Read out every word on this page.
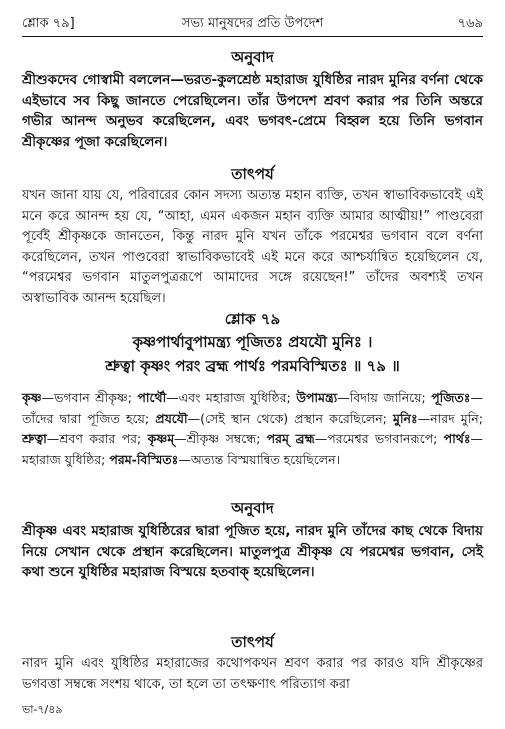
শ্লোক ৭৯]	সভ্য মানুষদের প্রতি উপদেশ	৭৬৯
অনুবাদ

শ্রীশুকদেব গোস্বামী বললেন—ভরত-কুলশ্রেষ্ঠ মহারাজ যুধিষ্ঠির নারদ মুনির বর্ণনা থেকে এইভাবে সব কিছু জানতে পেরেছিলেন। তাঁর উপদেশ শ্রবণ করার পর তিনি অন্তরে গভীর আনন্দ অনুভব করেছিলেন, এবং ভগবৎ-প্রেমে বিহ্বল হয়ে তিনি ভগবান শ্রীকৃষ্ণের পূজা করেছিলেন।

তাৎপর্য

যখন জানা যায় যে, পরিবারের কোন সদস্য অত্যন্ত মহান ব্যক্তি, তখন স্বাভাবিকভাবেই এই মনে করে আনন্দ হয় যে, “আহা, এমন একজন মহান ব্যক্তি আমার আত্মীয়!” পাণ্ডবেরা পূর্বেই শ্রীকৃষ্ণকে জানতেন, কিন্তু নারদ মুনি যখন তাঁকে পরমেশ্বর ভগবান বলে বর্ণনা করেছিলেন, তখন পাণ্ডবেরা স্বাভাবিকভাবেই এই মনে করে আশ্চর্যান্বিত হয়েছিলেন যে, “পরমেশ্বর ভগবান মাতুলপুত্ররূপে আমাদের সঙ্গে রয়েছেন!” তাঁদের অবশ্যই তখন অস্বাভাবিক আনন্দ হয়েছিল।

শ্লোক ৭৯
কৃষ্ণপার্থাবুপামন্ত্র্য পূজিতঃ প্রযযৌ মুনিঃ ।
শ্রুত্বা কৃষ্ণং পরং ব্রহ্ম পার্থঃ পরমবিস্মিতঃ ॥ ৭৯ ॥

কৃষ্ণ—ভগবান শ্রীকৃষ্ণ; পার্থৌ—এবং মহারাজ যুধিষ্ঠির; উপামন্ত্র্য—বিদায় জানিয়ে; পূজিতঃ—তাঁদের দ্বারা পূজিত হয়ে; প্রযযৌ—(সেই স্থান থেকে) প্রস্থান করেছিলেন; মুনিঃ—নারদ মুনি; শ্রুত্বা—শ্রবণ করার পর; কৃষ্ণম্—শ্রীকৃষ্ণ সম্বন্ধে; পরম্ ব্রহ্ম—পরমেশ্বর ভগবানরূপে; পার্থঃ—মহারাজ যুধিষ্ঠির; পরম-বিস্মিতঃ—অত্যন্ত বিস্ময়ান্বিত হয়েছিলেন।

অনুবাদ

শ্রীকৃষ্ণ এবং মহারাজ যুধিষ্ঠিরের দ্বারা পূজিত হয়ে, নারদ মুনি তাঁদের কাছ থেকে বিদায় নিয়ে সেখান থেকে প্রস্থান করেছিলেন। মাতুলপুত্র শ্রীকৃষ্ণ যে পরমেশ্বর ভগবান, সেই কথা শুনে যুধিষ্ঠির মহারাজ বিস্ময়ে হতবাক্ হয়েছিলেন।

তাৎপর্য

নারদ মুনি এবং যুধিষ্ঠির মহারাজের কথোপকথন শ্রবণ করার পর কারও যদি শ্রীকৃষ্ণের ভগবত্তা সম্বন্ধে সংশয় থাকে, তা হলে তা তৎক্ষণাৎ পরিত্যাগ করা

ভা-৭/৪৯
